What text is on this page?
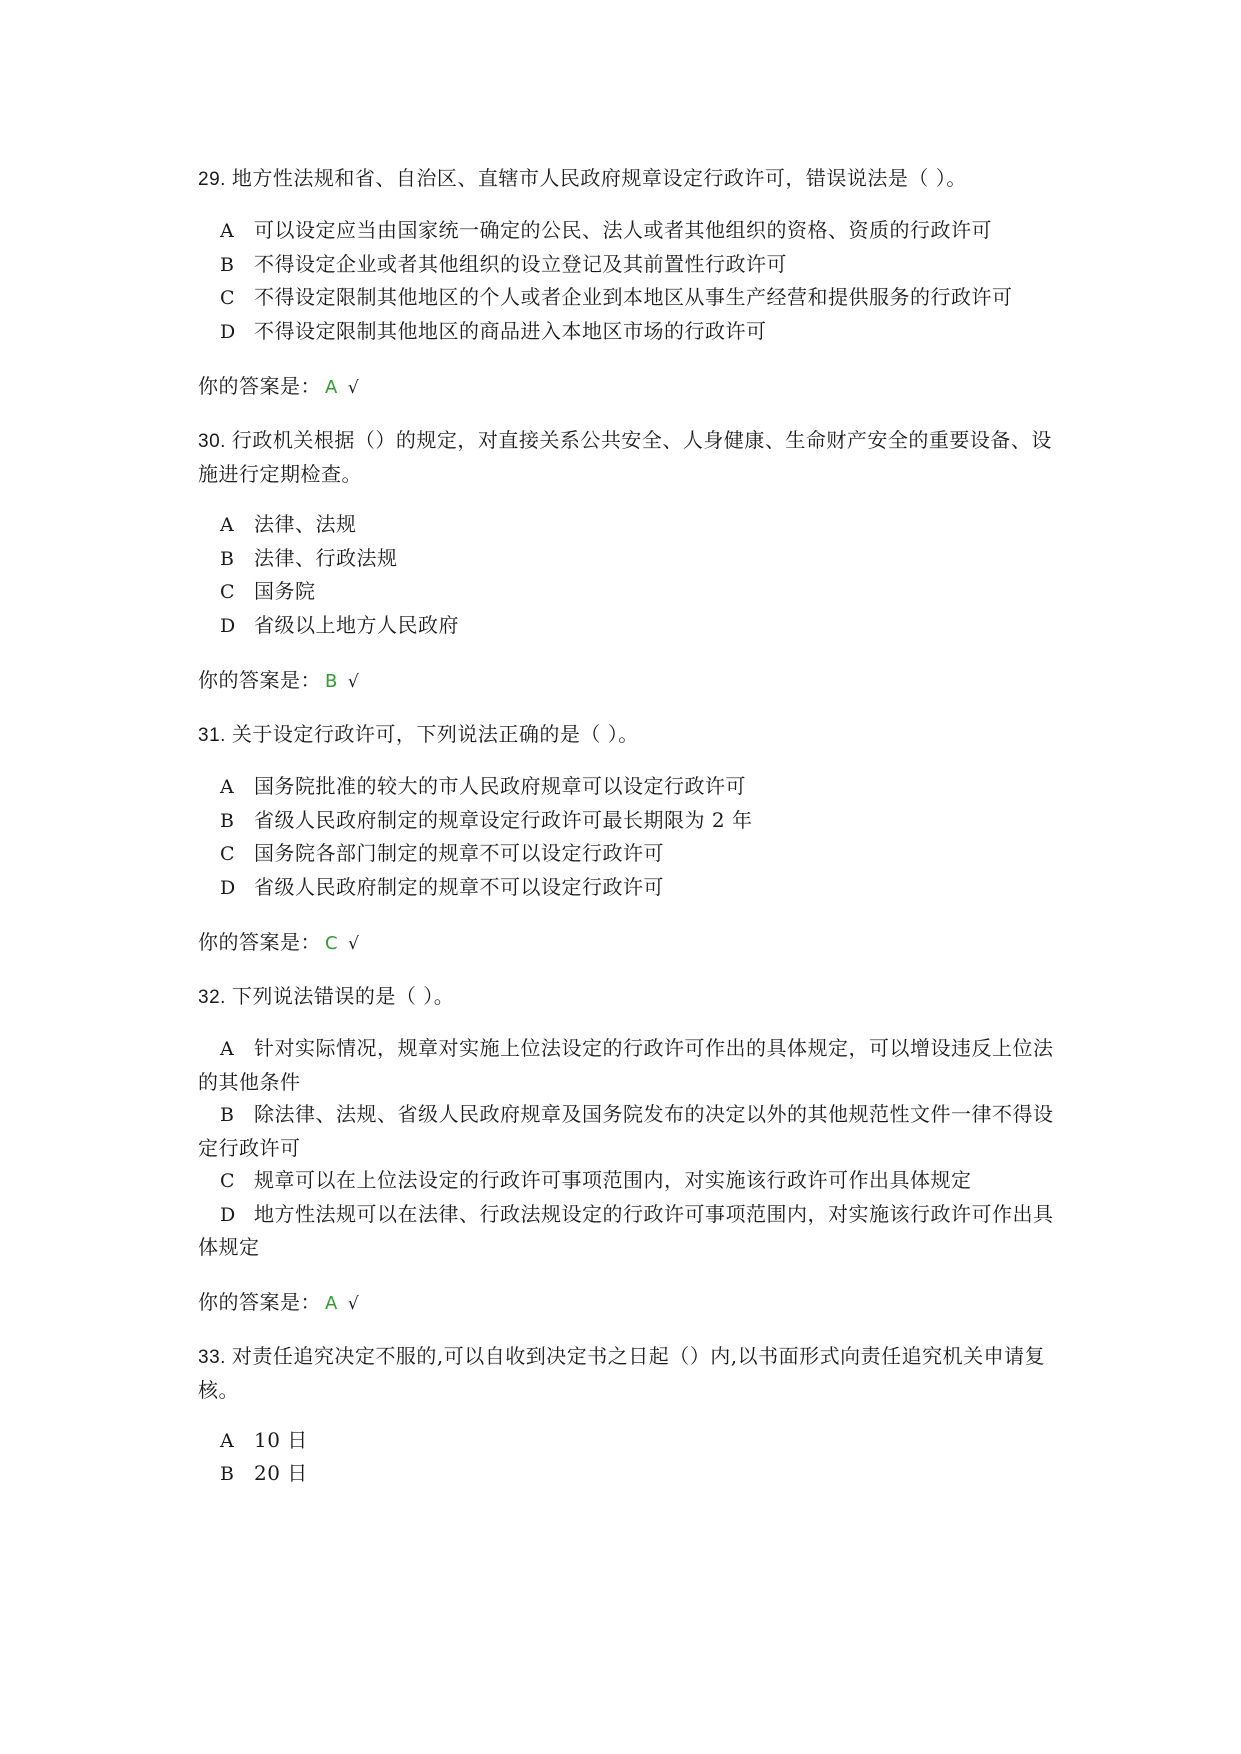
29. 地方性法规和省、自治区、直辖市人民政府规章设定行政许可，错误说法是（ ）。

A 可以设定应当由国家统一确定的公民、法人或者其他组织的资格、资质的行政许可
B 不得设定企业或者其他组织的设立登记及其前置性行政许可
C 不得设定限制其他地区的个人或者企业到本地区从事生产经营和提供服务的行政许可
D 不得设定限制其他地区的商品进入本地区市场的行政许可

你的答案是： A √

30. 行政机关根据（）的规定，对直接关系公共安全、人身健康、生命财产安全的重要设备、设施进行定期检查。

A 法律、法规
B 法律、行政法规
C 国务院
D 省级以上地方人民政府

你的答案是： B √

31. 关于设定行政许可，下列说法正确的是（ ）。

A 国务院批准的较大的市人民政府规章可以设定行政许可
B 省级人民政府制定的规章设定行政许可最长期限为 2 年
C 国务院各部门制定的规章不可以设定行政许可
D 省级人民政府制定的规章不可以设定行政许可

你的答案是： C √

32. 下列说法错误的是（ ）。

A 针对实际情况，规章对实施上位法设定的行政许可作出的具体规定，可以增设违反上位法的其他条件
B 除法律、法规、省级人民政府规章及国务院发布的决定以外的其他规范性文件一律不得设定行政许可
C 规章可以在上位法设定的行政许可事项范围内，对实施该行政许可作出具体规定
D 地方性法规可以在法律、行政法规设定的行政许可事项范围内，对实施该行政许可作出具体规定

你的答案是： A √

33. 对责任追究决定不服的,可以自收到决定书之日起（）内,以书面形式向责任追究机关申请复核。

A 10 日
B 20 日
